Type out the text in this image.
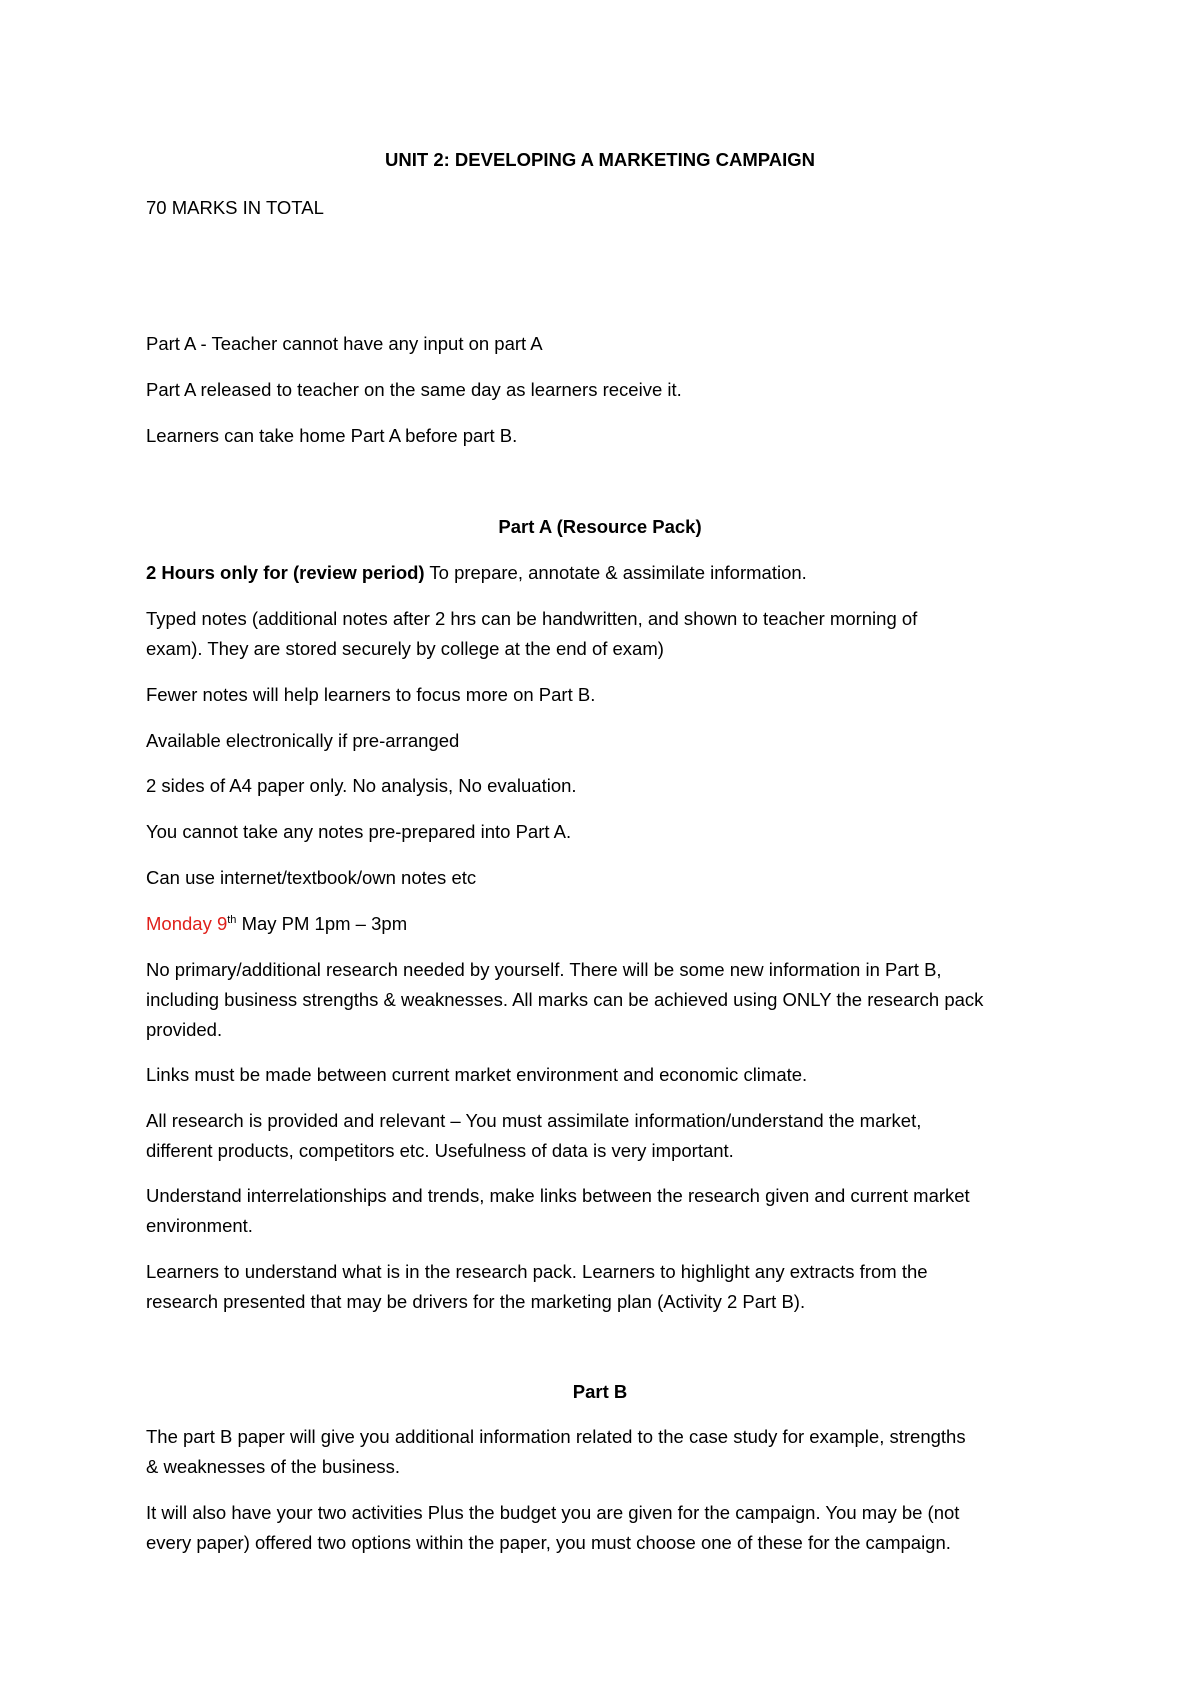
UNIT 2: DEVELOPING A MARKETING CAMPAIGN
70 MARKS IN TOTAL
Part A - Teacher cannot have any input on part A
Part A released to teacher on the same day as learners receive it.
Learners can take home Part A before part B.
Part A (Resource Pack)
2 Hours only for (review period) To prepare, annotate & assimilate information.
Typed notes (additional notes after 2 hrs can be handwritten, and shown to teacher morning of
exam). They are stored securely by college at the end of exam)
Fewer notes will help learners to focus more on Part B.
Available electronically if pre-arranged
2 sides of A4 paper only. No analysis, No evaluation.
You cannot take any notes pre-prepared into Part A.
Can use internet/textbook/own notes etc
Monday 9th May PM 1pm – 3pm
No primary/additional research needed by yourself. There will be some new information in Part B,
including business strengths & weaknesses. All marks can be achieved using ONLY the research pack
provided.
Links must be made between current market environment and economic climate.
All research is provided and relevant – You must assimilate information/understand the market,
different products, competitors etc. Usefulness of data is very important.
Understand interrelationships and trends, make links between the research given and current market
environment.
Learners to understand what is in the research pack. Learners to highlight any extracts from the
research presented that may be drivers for the marketing plan (Activity 2 Part B).
Part B
The part B paper will give you additional information related to the case study for example, strengths
& weaknesses of the business.
It will also have your two activities Plus the budget you are given for the campaign. You may be (not
every paper) offered two options within the paper, you must choose one of these for the campaign.
